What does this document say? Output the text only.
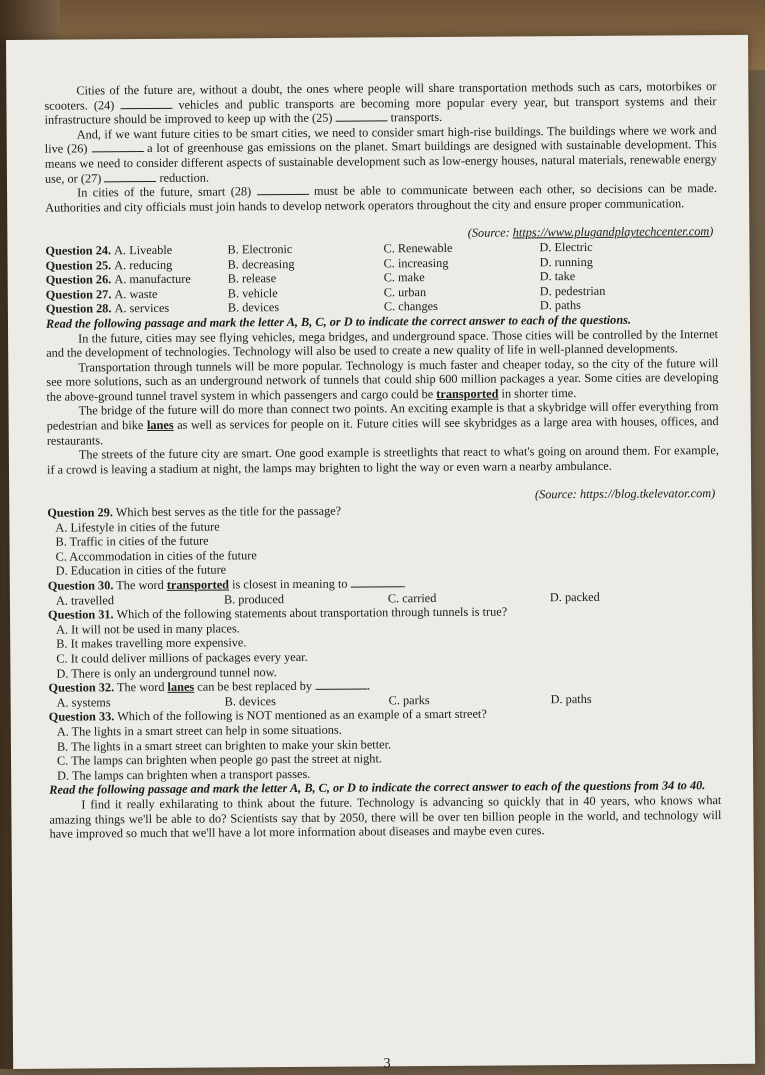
Cities of the future are, without a doubt, the ones where people will share transportation methods such as cars, motorbikes or scooters. (24)	vehicles and public transports are becoming more popular every year, but transport systems and their infrastructure should be improved to keep up with the (25)	transports.

And, if we want future cities to be smart cities, we need to consider smart high-rise buildings. The buildings where we work and live (26)	a lot of greenhouse gas emissions on the planet. Smart buildings are designed with sustainable development. This means we need to consider different aspects of sustainable development such as low-energy houses, natural materials, renewable energy use, or (27)	reduction.

In cities of the future, smart (28)	must be able to communicate between each other, so decisions can be made. Authorities and city officials must join hands to develop network operators throughout the city and ensure proper communication.

(Source: https://www.plugandplaytechcenter.com)

Question 24. A. Liveable	B. Electronic	C. Renewable	D. Electric
Question 25. A. reducing	B. decreasing	C. increasing	D. running
Question 26. A. manufacture	B. release	C. make	D. take
Question 27. A. waste	B. vehicle	C. urban	D. pedestrian
Question 28. A. services	B. devices	C. changes	D. paths

Read the following passage and mark the letter A, B, C, or D to indicate the correct answer to each of the questions.

In the future, cities may see flying vehicles, mega bridges, and underground space. Those cities will be controlled by the Internet and the development of technologies. Technology will also be used to create a new quality of life in well-planned developments.

Transportation through tunnels will be more popular. Technology is much faster and cheaper today, so the city of the future will see more solutions, such as an underground network of tunnels that could ship 600 million packages a year. Some cities are developing the above-ground tunnel travel system in which passengers and cargo could be transported in shorter time.

The bridge of the future will do more than connect two points. An exciting example is that a skybridge will offer everything from pedestrian and bike lanes as well as services for people on it. Future cities will see skybridges as a large area with houses, offices, and restaurants.

The streets of the future city are smart. One good example is streetlights that react to what's going on around them. For example, if a crowd is leaving a stadium at night, the lamps may brighten to light the way or even warn a nearby ambulance.

(Source: https://blog.tkelevator.com)

Question 29. Which best serves as the title for the passage?

A. Lifestyle in cities of the future

B. Traffic in cities of the future

C. Accommodation in cities of the future

D. Education in cities of the future

Question 30. The word transported is closest in meaning to	.

A. travelled	B. produced	C. carried	D. packed

Question 31. Which of the following statements about transportation through tunnels is true?

A. It will not be used in many places.

B. It makes travelling more expensive.

C. It could deliver millions of packages every year.

D. There is only an underground tunnel now.

Question 32. The word lanes can be best replaced by	.

A. systems	B. devices	C. parks	D. paths

Question 33. Which of the following is NOT mentioned as an example of a smart street?

A. The lights in a smart street can help in some situations.

B. The lights in a smart street can brighten to make your skin better.

C. The lamps can brighten when people go past the street at night.

D. The lamps can brighten when a transport passes.

Read the following passage and mark the letter A, B, C, or D to indicate the correct answer to each of the questions from 34 to 40.

I find it really exhilarating to think about the future. Technology is advancing so quickly that in 40 years, who knows what amazing things we'll be able to do? Scientists say that by 2050, there will be over ten billion people in the world, and technology will have improved so much that we'll have a lot more information about diseases and maybe even cures.

3
